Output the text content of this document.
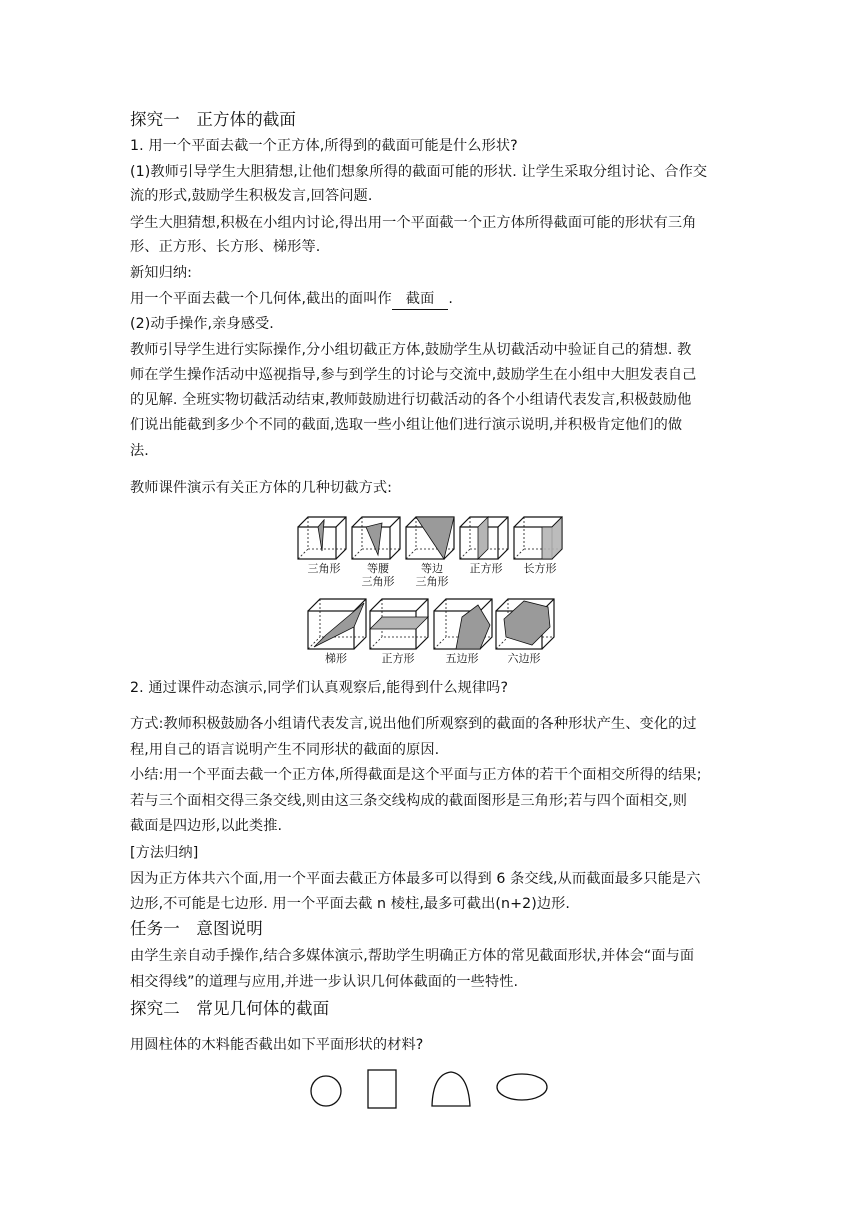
探究一　正方体的截面
1. 用一个平面去截一个正方体,所得到的截面可能是什么形状?
(1)教师引导学生大胆猜想,让他们想象所得的截面可能的形状. 让学生采取分组讨论、合作交
流的形式,鼓励学生积极发言,回答问题.
学生大胆猜想,积极在小组内讨论,得出用一个平面截一个正方体所得截面可能的形状有三角
形、正方形、长方形、梯形等.
新知归纳:
用一个平面去截一个几何体,截出的面叫作 截面 .
(2)动手操作,亲身感受.
教师引导学生进行实际操作,分小组切截正方体,鼓励学生从切截活动中验证自己的猜想. 教
师在学生操作活动中巡视指导,参与到学生的讨论与交流中,鼓励学生在小组中大胆发表自己
的见解. 全班实物切截活动结束,教师鼓励进行切截活动的各个小组请代表发言,积极鼓励他
们说出能截到多少个不同的截面,选取一些小组让他们进行演示说明,并积极肯定他们的做
法.
教师课件演示有关正方体的几种切截方式:
三角形	等腰
三角形
等边
三角形
正方形	长方形
梯形	正方形	五边形	六边形
2. 通过课件动态演示,同学们认真观察后,能得到什么规律吗?
方式:教师积极鼓励各小组请代表发言,说出他们所观察到的截面的各种形状产生、变化的过
程,用自己的语言说明产生不同形状的截面的原因.
小结:用一个平面去截一个正方体,所得截面是这个平面与正方体的若干个面相交所得的结果;
若与三个面相交得三条交线,则由这三条交线构成的截面图形是三角形;若与四个面相交,则
截面是四边形,以此类推.
[方法归纳]
因为正方体共六个面,用一个平面去截正方体最多可以得到 6 条交线,从而截面最多只能是六
边形,不可能是七边形. 用一个平面去截 n 棱柱,最多可截出(n+2)边形.
任务一　意图说明
由学生亲自动手操作,结合多媒体演示,帮助学生明确正方体的常见截面形状,并体会“面与面
相交得线”的道理与应用,并进一步认识几何体截面的一些特性.
探究二　常见几何体的截面
用圆柱体的木料能否截出如下平面形状的材料?
